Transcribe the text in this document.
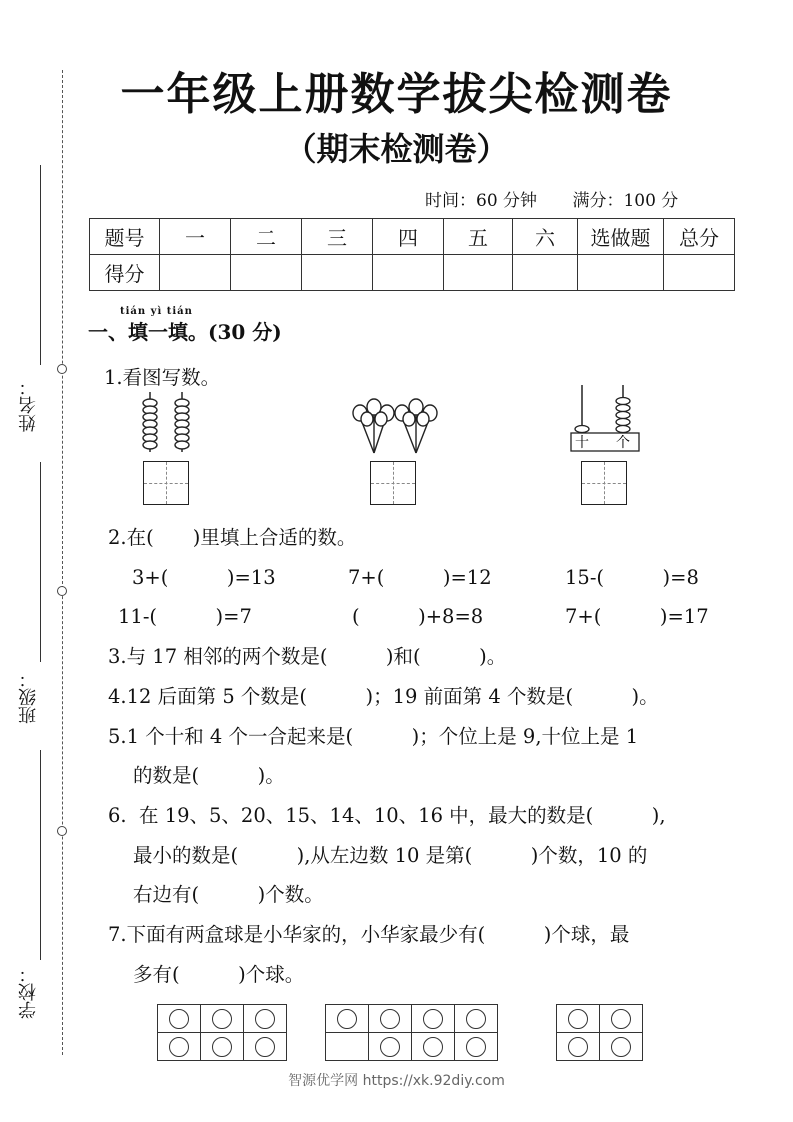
姓名：
班级：
学校：
一年级上册数学拔尖检测卷
（期末检测卷）
时间：60 分钟 满分：100 分
题号	一	二	三	四	五	六	选做题	总分
得分								
tián yì tián
一、填一填。(30 分)
1.看图写数。
十 个
2.在(　　)里填上合适的数。
3+(　　　)=13	7+(　　　)=12	15-(　　　)=8
11-(　　　)=7	(　　　)+8=8	7+(　　　)=17
3.与 17 相邻的两个数是(　　　)和(　　　)。
4.12 后面第 5 个数是(　　　)；19 前面第 4 个数是(　　　)。
5.1 个十和 4 个一合起来是(　　　)；个位上是 9,十位上是 1
的数是(　　　)。
6.  在 19、5、20、15、14、10、16 中，最大的数是(　　　),
最小的数是(　　　),从左边数 10 是第(　　　)个数，10 的
右边有(　　　)个数。
7.下面有两盒球是小华家的，小华家最少有(　　　)个球，最
多有(　　　)个球。

智源优学网 https://xk.92diy.com
